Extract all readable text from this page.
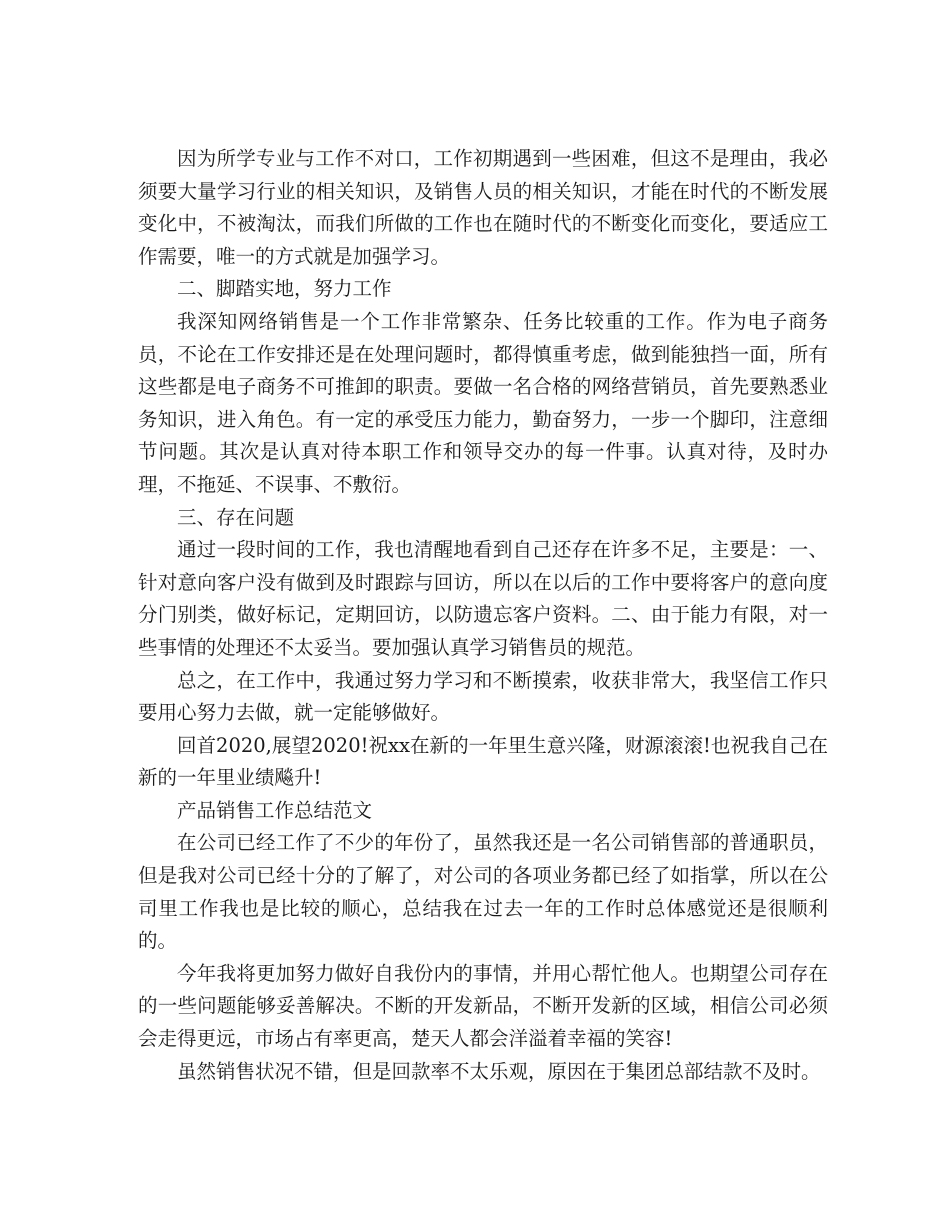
因为所学专业与工作不对口，工作初期遇到一些困难，但这不是理由，我必须要大量学习行业的相关知识，及销售人员的相关知识，才能在时代的不断发展变化中，不被淘汰，而我们所做的工作也在随时代的不断变化而变化，要适应工作需要，唯一的方式就是加强学习。

二、脚踏实地，努力工作

我深知网络销售是一个工作非常繁杂、任务比较重的工作。作为电子商务员，不论在工作安排还是在处理问题时，都得慎重考虑，做到能独挡一面，所有这些都是电子商务不可推卸的职责。要做一名合格的网络营销员，首先要熟悉业务知识，进入角色。有一定的承受压力能力，勤奋努力，一步一个脚印，注意细节问题。其次是认真对待本职工作和领导交办的每一件事。认真对待，及时办理，不拖延、不误事、不敷衍。

三、存在问题

通过一段时间的工作，我也清醒地看到自己还存在许多不足，主要是：一、针对意向客户没有做到及时跟踪与回访，所以在以后的工作中要将客户的意向度分门别类，做好标记，定期回访，以防遗忘客户资料。二、由于能力有限，对一些事情的处理还不太妥当。要加强认真学习销售员的规范。

总之，在工作中，我通过努力学习和不断摸索，收获非常大，我坚信工作只要用心努力去做，就一定能够做好。

回首2020,展望2020!祝xx在新的一年里生意兴隆，财源滚滚!也祝我自己在新的一年里业绩飚升!

产品销售工作总结范文

在公司已经工作了不少的年份了，虽然我还是一名公司销售部的普通职员，但是我对公司已经十分的了解了，对公司的各项业务都已经了如指掌，所以在公司里工作我也是比较的顺心，总结我在过去一年的工作时总体感觉还是很顺利的。

今年我将更加努力做好自我份内的事情，并用心帮忙他人。也期望公司存在的一些问题能够妥善解决。不断的开发新品，不断开发新的区域，相信公司必须会走得更远，市场占有率更高，楚天人都会洋溢着幸福的笑容!

虽然销售状况不错，但是回款率不太乐观，原因在于集团总部结款不及时。
